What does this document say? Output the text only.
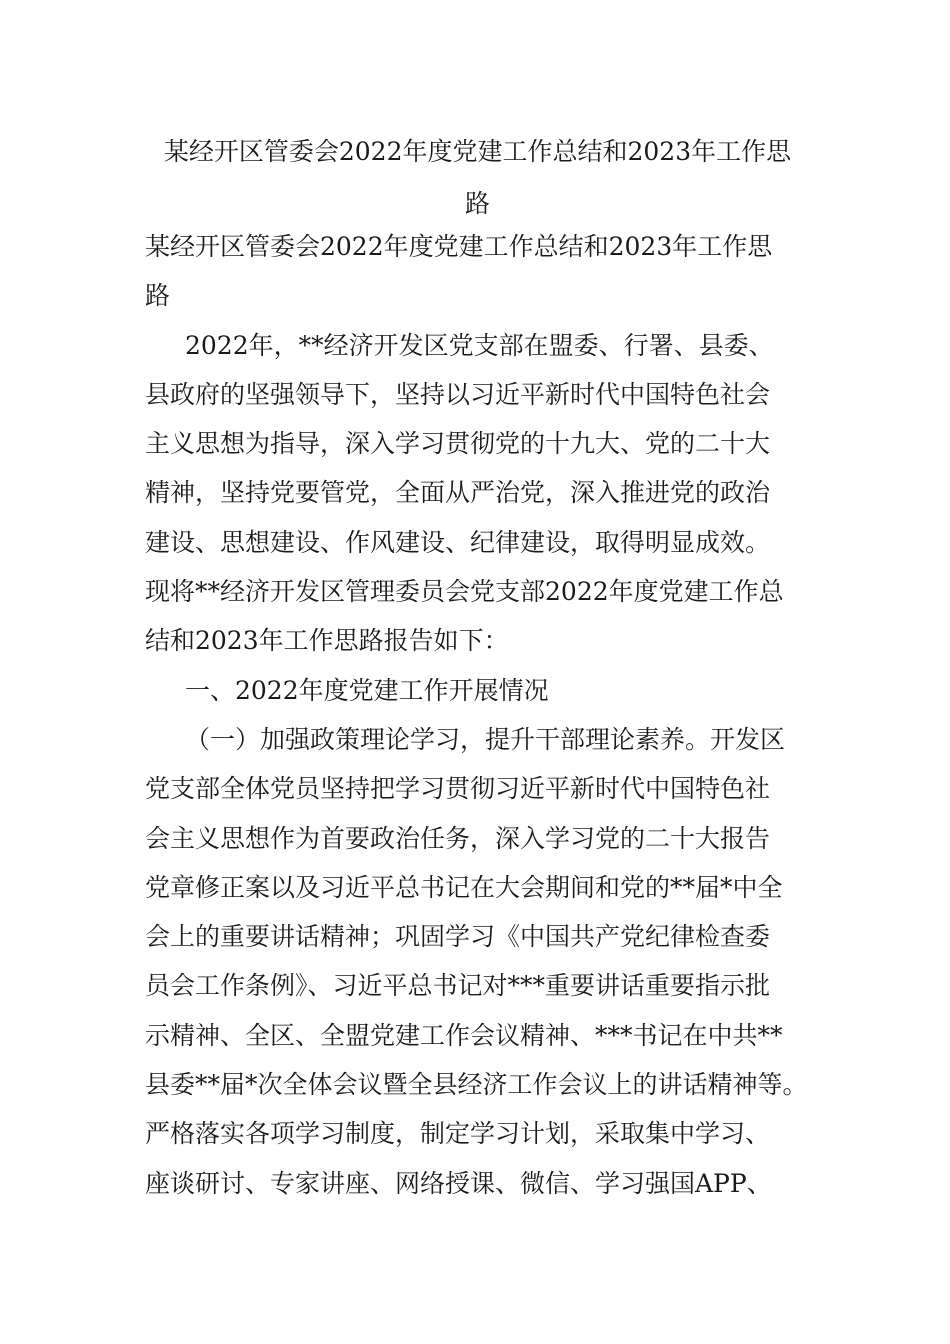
某经开区管委会2022年度党建工作总结和2023年工作思
路
某经开区管委会2022年度党建工作总结和2023年工作思
路
2022年，**经济开发区党支部在盟委、行署、县委、
县政府的坚强领导下，坚持以习近平新时代中国特色社会
主义思想为指导，深入学习贯彻党的十九大、党的二十大
精神，坚持党要管党，全面从严治党，深入推进党的政治
建设、思想建设、作风建设、纪律建设，取得明显成效。
现将**经济开发区管理委员会党支部2022年度党建工作总
结和2023年工作思路报告如下：
一、2022年度党建工作开展情况
（一）加强政策理论学习，提升干部理论素养。开发区
党支部全体党员坚持把学习贯彻习近平新时代中国特色社
会主义思想作为首要政治任务，深入学习党的二十大报告
党章修正案以及习近平总书记在大会期间和党的**届*中全
会上的重要讲话精神；巩固学习《中国共产党纪律检查委
员会工作条例》、习近平总书记对***重要讲话重要指示批
示精神、全区、全盟党建工作会议精神、***书记在中共**
县委**届*次全体会议暨全县经济工作会议上的讲话精神等。
严格落实各项学习制度，制定学习计划，采取集中学习、
座谈研讨、专家讲座、网络授课、微信、学习强国APP、
